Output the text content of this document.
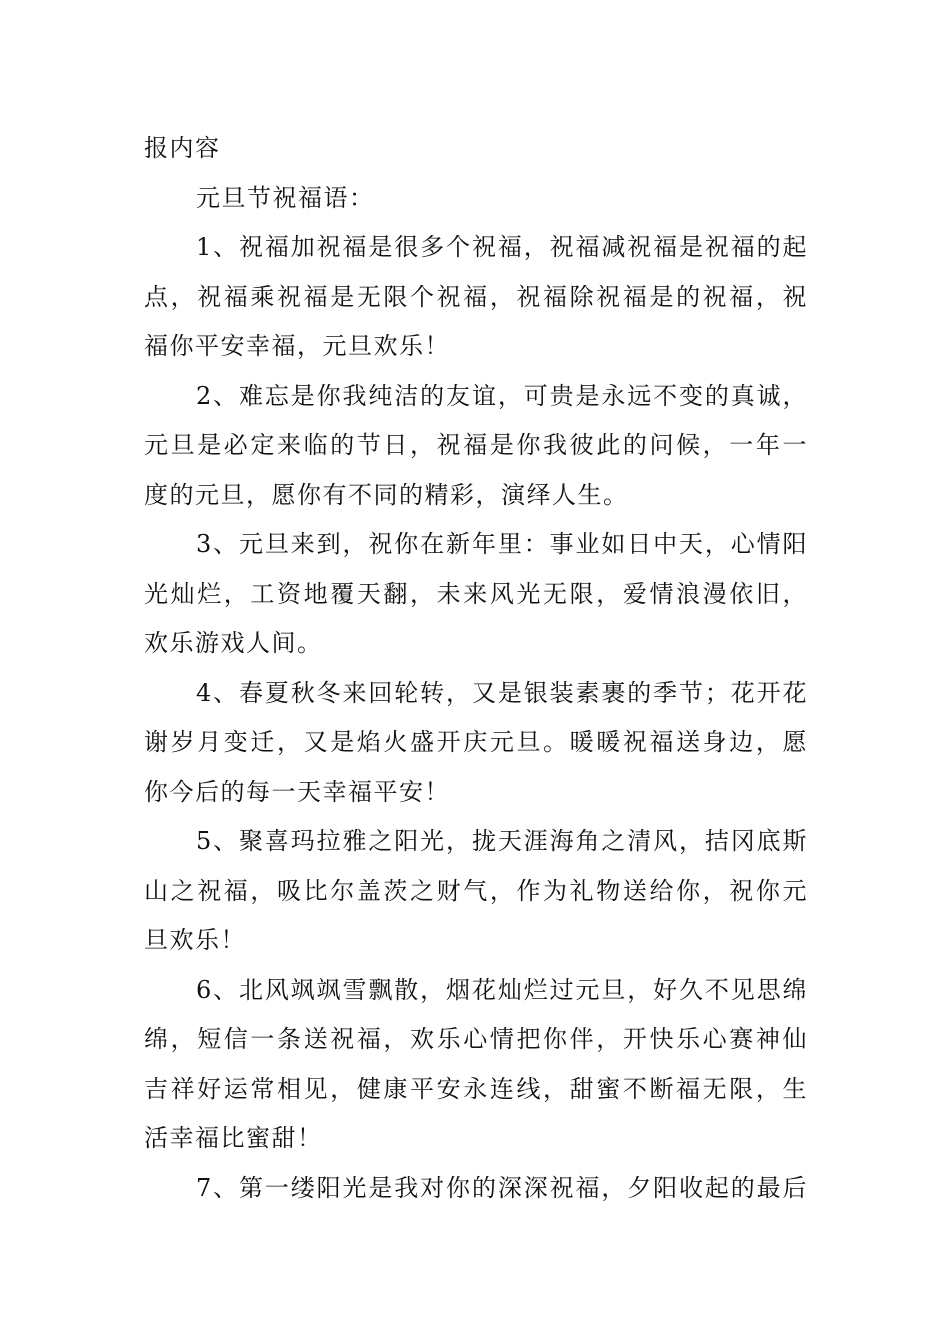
报内容

元旦节祝福语：

1、祝福加祝福是很多个祝福，祝福减祝福是祝福的起

点，祝福乘祝福是无限个祝福，祝福除祝福是的祝福，祝

福你平安幸福，元旦欢乐！

2、难忘是你我纯洁的友谊，可贵是永远不变的真诚，

元旦是必定来临的节日，祝福是你我彼此的问候，一年一

度的元旦，愿你有不同的精彩，演绎人生。

3、元旦来到，祝你在新年里：事业如日中天，心情阳

光灿烂，工资地覆天翻，未来风光无限，爱情浪漫依旧，

欢乐游戏人间。

4、春夏秋冬来回轮转，又是银装素裹的季节；花开花

谢岁月变迁，又是焰火盛开庆元旦。暖暖祝福送身边，愿

你今后的每一天幸福平安！

5、聚喜玛拉雅之阳光，拢天涯海角之清风，拮冈底斯

山之祝福，吸比尔盖茨之财气，作为礼物送给你，祝你元

旦欢乐！

6、北风飒飒雪飘散，烟花灿烂过元旦，好久不见思绵

绵，短信一条送祝福，欢乐心情把你伴，开快乐心赛神仙

吉祥好运常相见，健康平安永连线，甜蜜不断福无限，生

活幸福比蜜甜！

7、第一缕阳光是我对你的深深祝福，夕阳收起的最后
